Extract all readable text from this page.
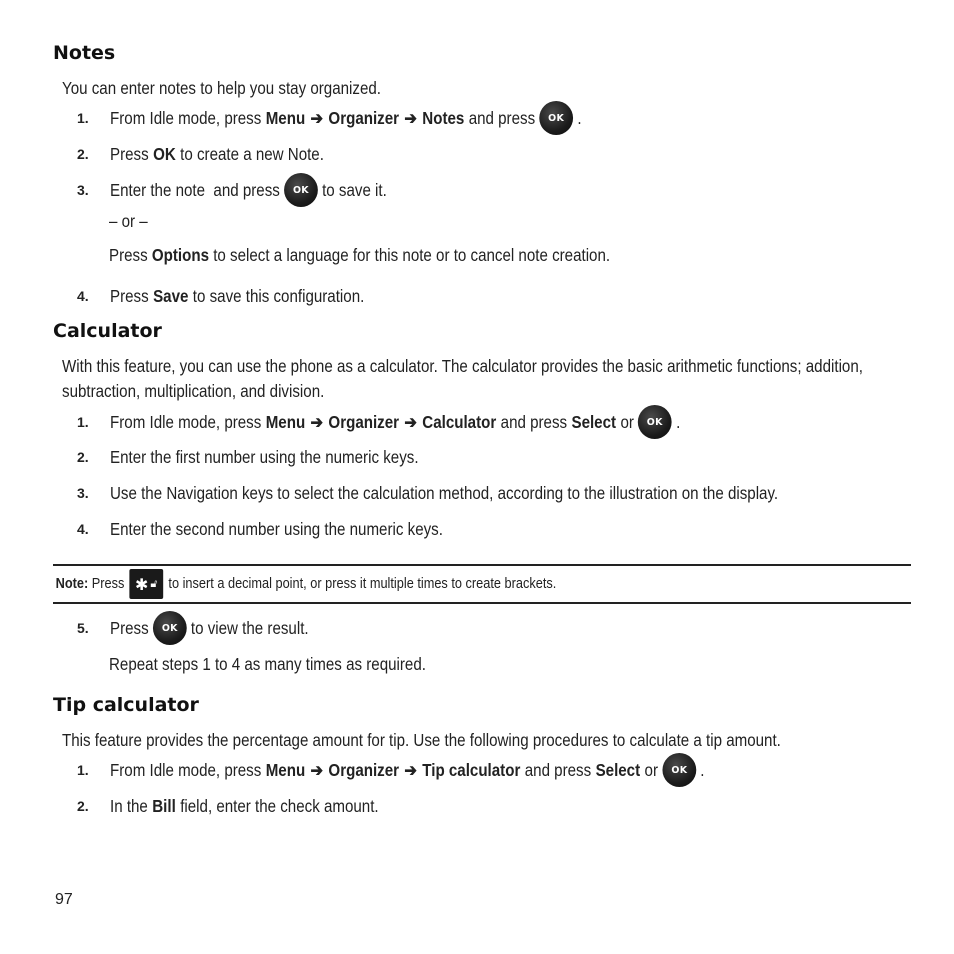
Notes
You can enter notes to help you stay organized.
1.	From Idle mode, press Menu ➔ Organizer ➔ Notes and press	OK .
2.	Press OK to create a new Note.
3.	Enter the note  and press	OK to save it.
– or –
Press Options to select a language for this note or to cancel note creation.
4.	Press Save to save this configuration.
Calculator
With this feature, you can use the phone as a calculator. The calculator provides the basic arithmetic functions; addition, subtraction, multiplication, and division.
1.	From Idle mode, press Menu ➔ Organizer ➔ Calculator and press Select or	OK .
2.	Enter the first number using the numeric keys.
3.	Use the Navigation keys to select the calculation method, according to the illustration on the display.
4.	Enter the second number using the numeric keys.
Note: Press ✱ 🔓︎ to insert a decimal point, or press it multiple times to create brackets.
5.	Press	OK to view the result.
Repeat steps 1 to 4 as many times as required.
Tip calculator
This feature provides the percentage amount for tip. Use the following procedures to calculate a tip amount.
1.	From Idle mode, press Menu ➔ Organizer ➔ Tip calculator and press Select or	OK .
2.	In the Bill field, enter the check amount.
97
